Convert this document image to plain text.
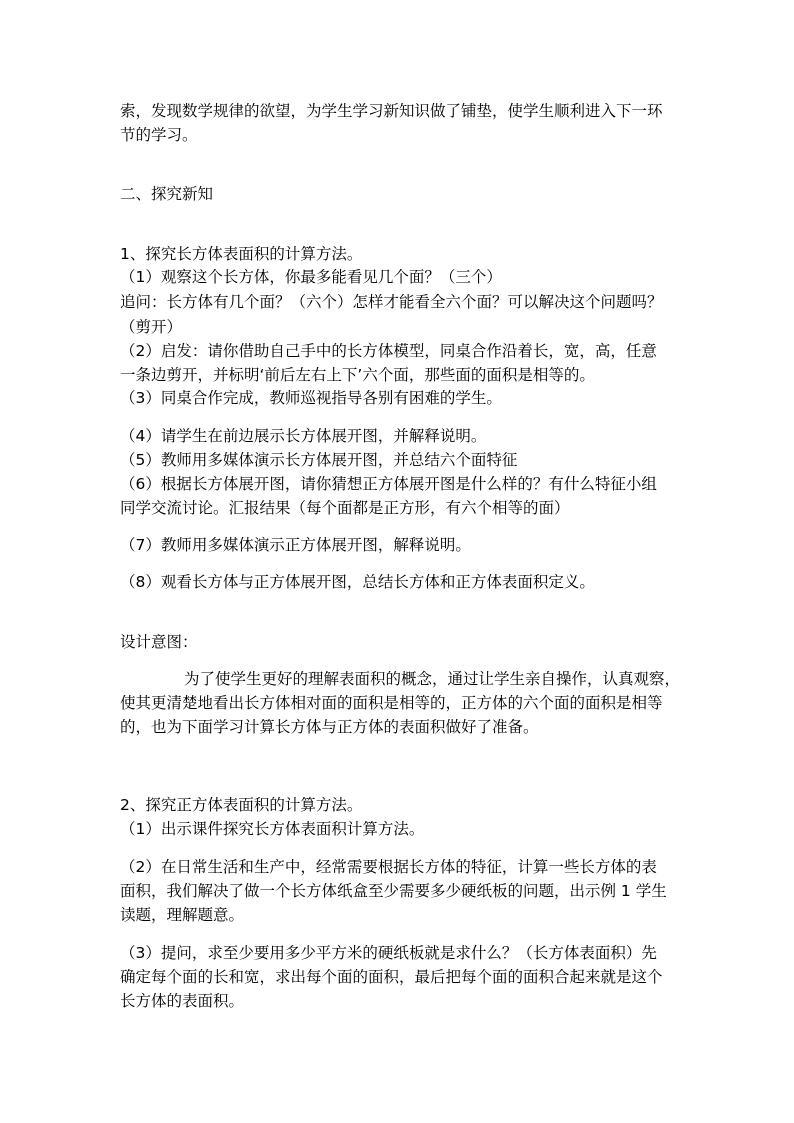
索，发现数学规律的欲望，为学生学习新知识做了铺垫，使学生顺利进入下一环
节的学习。
二、探究新知
1、探究长方体表面积的计算方法。
（1）观察这个长方体，你最多能看见几个面？（三个）
追问：长方体有几个面？（六个）怎样才能看全六个面？可以解决这个问题吗？
（剪开）
（2）启发：请你借助自己手中的长方体模型，同桌合作沿着长，宽，高，任意
一条边剪开，并标明‘前后左右上下’六个面，那些面的面积是相等的。
（3）同桌合作完成，教师巡视指导各别有困难的学生。
（4）请学生在前边展示长方体展开图，并解释说明。
（5）教师用多媒体演示长方体展开图，并总结六个面特征
（6）根据长方体展开图，请你猜想正方体展开图是什么样的？有什么特征小组
同学交流讨论。汇报结果（每个面都是正方形，有六个相等的面）
（7）教师用多媒体演示正方体展开图，解释说明。
（8）观看长方体与正方体展开图，总结长方体和正方体表面积定义。
设计意图：
为了使学生更好的理解表面积的概念，通过让学生亲自操作，认真观察，
使其更清楚地看出长方体相对面的面积是相等的，正方体的六个面的面积是相等
的，也为下面学习计算长方体与正方体的表面积做好了准备。
2、探究正方体表面积的计算方法。
（1）出示课件探究长方体表面积计算方法。
（2）在日常生活和生产中，经常需要根据长方体的特征，计算一些长方体的表
面积，我们解决了做一个长方体纸盒至少需要多少硬纸板的问题，出示例 1 学生
读题，理解题意。
（3）提问，求至少要用多少平方米的硬纸板就是求什么？（长方体表面积）先
确定每个面的长和宽，求出每个面的面积，最后把每个面的面积合起来就是这个
长方体的表面积。
